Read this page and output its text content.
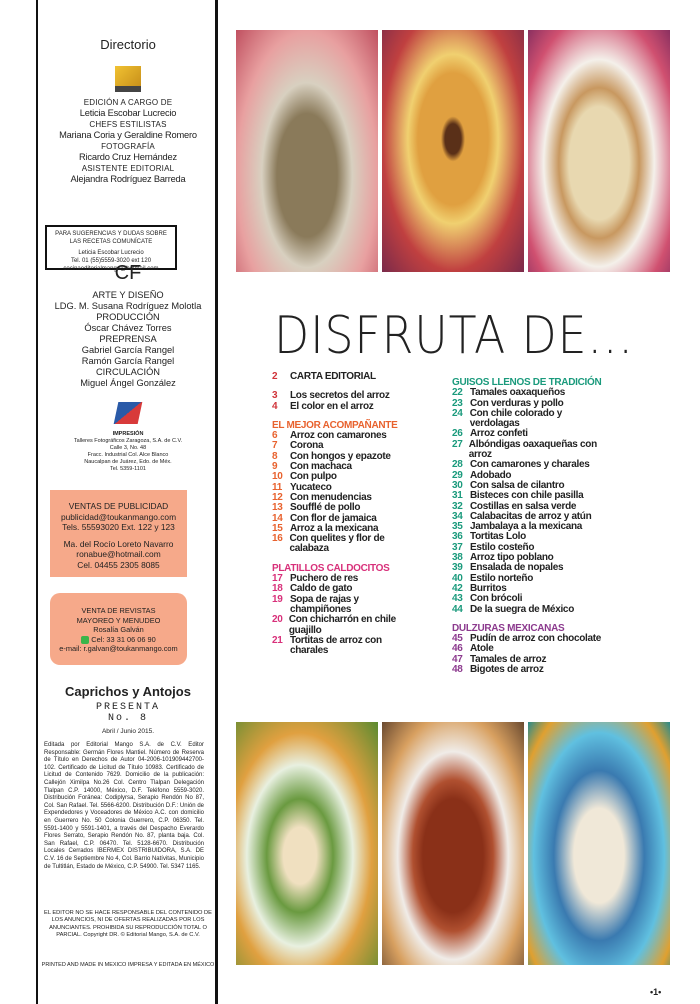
Directorio
EDICIÓN A CARGO DE
Leticia Escobar Lucrecio
CHEFS ESTILISTAS
Mariana Coria y Geraldine Romero
FOTOGRAFÍA
Ricardo Cruz Hernández
ASISTENTE EDITORIAL
Alejandra Rodríguez Barreda
PARA SUGERENCIAS Y DUDAS SOBRE LAS RECETAS COMUNÍCATE
Leticia Escobar Lucrecio
Tel. 01 (55)5559-3020 ext 120
cocinaeditorialmango@hotmail.com
CF
ARTE Y DISEÑO
LDG. M. Susana Rodríguez Molotla
PRODUCCIÓN
Óscar Chávez Torres
PREPRENSA
Gabriel García Rangel
Ramón García Rangel
CIRCULACIÓN
Miguel Ángel González
IMPRESIÓN
Talleres Fotográficos Zaragoza, S.A. de C.V.
Calle 3, No. 48
Fracc. Industrial Col. Alce Blanco
Naucalpan de Juárez, Edo. de Méx.
Tel. 5359-1101
VENTAS DE PUBLICIDAD
publicidad@toukanmango.com
Tels. 55593020 Ext. 122 y 123
Ma. del Rocío Loreto Navarro
ronabue@hotmail.com
Cel. 04455 2305 8085
VENTA DE REVISTAS
MAYOREO Y MENUDEO
Rosalía Galván
Cel: 33 31 06 06 90
e-mail: r.galvan@toukanmango.com
Caprichos y Antojos
PRESENTA
No. 8
Abril / Junio 2015.
Editada por Editorial Mango S.A. de C.V. Editor Responsable: Germán Flores Mantiel. Número de Reserva de Título en Derechos de Autor 04-2006-101909442700-102. Certificado de Licitud de Título 10983. Certificado de Licitud de Contenido 7629. Domicilio de la publicación: Callejón Ximilpa No.26 Col. Centro Tlalpan Delegación Tlalpan C.P. 14000, México, D.F. Teléfono 5559-3020. Distribución Foránea: Codiplyrsa, Serapio Rendón No 87, Col. San Rafael. Tel. 5566-6200. Distribución D.F.: Unión de Expendedores y Voceadores de México A.C. con domicilio en Guerrero No. 50 Colonia Guerrero, C.P. 06350. Tel. 5591-1400 y 5591-1401, a través del Despacho Everardo Flores Serrato, Serapio Rendón No. 87, planta baja. Col. San Rafael, C.P. 06470. Tel. 5128-6670. Distribución Locales Cerrados IBERMEX DISTRIBUIDORA, S.A. DE C.V. 16 de Septiembre No 4, Col. Barrio Natívitas, Municipio de Tultitlán, Estado de México, C.P. 54900. Tel. 5347 1165.
EL EDITOR NO SE HACE RESPONSABLE DEL CONTENIDO DE LOS ANUNCIOS, NI DE OFERTAS REALIZADAS POR LOS ANUNCIANTES. PROHIBIDA SU REPRODUCCIÓN TOTAL O PARCIAL. Copyright DR. © Editorial Mango, S.A. de C.V.
PRINTED AND MADE IN MEXICO IMPRESA Y EDITADA EN MÉXICO
DISFRUTA DE...
2	CARTA EDITORIAL
3	Los secretos del arroz
4	El color en el arroz
EL MEJOR ACOMPAÑANTE
6	Arroz con camarones
7	Corona
8	Con hongos y epazote
9	Con machaca
10 Con pulpo
11 Yucateco
12 Con menudencias
13 Soufflé de pollo
14 Con flor de jamaica
15 Arroz a la mexicana
16 Con quelites y flor de calabaza
PLATILLOS CALDOCITOS
17 Puchero de res
18 Caldo de gato
19 Sopa de rajas y champiñones
20 Con chicharrón en chile guajillo
21 Tortitas de arroz con charales
GUISOS LLENOS DE TRADICIÓN
22 Tamales oaxaqueños
23 Con verduras y pollo
24 Con chile colorado y verdolagas
26 Arroz confeti
27 Albóndigas oaxaqueñas con arroz
28 Con camarones y charales
29 Adobado
30 Con salsa de cilantro
31 Bisteces con chile pasilla
32 Costillas en salsa verde
34 Calabacitas de arroz y atún
35 Jambalaya a la mexicana
36 Tortitas Lolo
37 Estilo costeño
38 Arroz tipo poblano
39 Ensalada de nopales
40 Estilo norteño
42 Burritos
43 Con brócoli
44 De la suegra de México
DULZURAS MEXICANAS
45 Pudín de arroz con chocolate
46 Atole
47 Tamales de arroz
48 Bigotes de arroz
•1•
